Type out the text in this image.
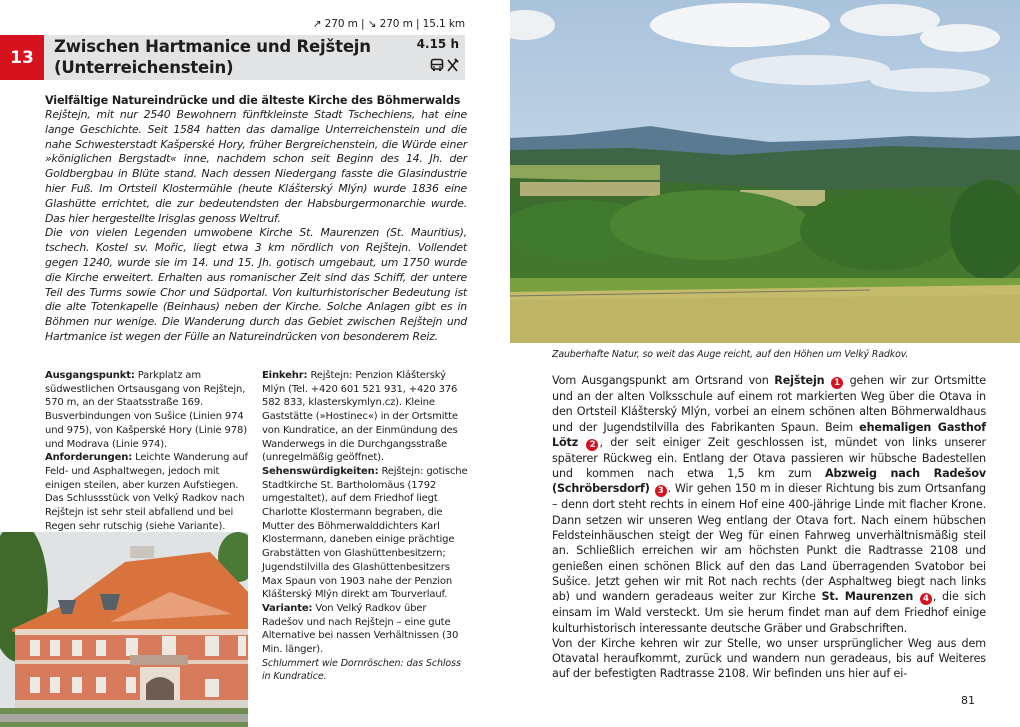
↗ 270 m | ↘ 270 m | 15.1 km
13
Zwischen Hartmanice und Rejštejn
(Unterreichenstein)
4.15 h
Vielfältige Natureindrücke und die älteste Kirche des Böhmerwalds

Rejštejn, mit nur 2540 Bewohnern fünftkleinste Stadt Tschechiens, hat eine lange Geschichte. Seit 1584 hatten das damalige Unterreichenstein und die nahe Schwesterstadt Kašperské Hory, früher Bergreichenstein, die Würde einer »königlichen Bergstadt« inne, nachdem schon seit Beginn des 14. Jh. der Goldbergbau in Blüte stand. Nach dessen Niedergang fasste die Glasindustrie hier Fuß. Im Ortsteil Klostermühle (heute Klášterský Mlýn) wurde 1836 eine Glashütte errichtet, die zur bedeutendsten der Habsburgermonarchie wurde. Das hier hergestellte Irisglas genoss Weltruf.

Die von vielen Legenden umwobene Kirche St. Maurenzen (St. Mauritius), tschech. Kostel sv. Mořic, liegt etwa 3 km nördlich von Rejštejn. Vollendet gegen 1240, wurde sie im 14. und 15. Jh. gotisch umgebaut, um 1750 wurde die Kirche erweitert. Erhalten aus romanischer Zeit sind das Schiff, der untere Teil des Turms sowie Chor und Südportal. Von kulturhistorischer Bedeutung ist die alte Totenkapelle (Beinhaus) neben der Kirche. Solche Anlagen gibt es in Böhmen nur wenige. Die Wanderung durch das Gebiet zwischen Rejštejn und Hartmanice ist wegen der Fülle an Natureindrücken von besonderem Reiz.

Ausgangspunkt: Parkplatz am südwestlichen Ortsausgang von Rejštejn, 570 m, an der Staatsstraße 169. Busverbindungen von Sušice (Linien 974 und 975), von Kašperské Hory (Linie 978) und Modrava (Linie 974).
Anforderungen: Leichte Wanderung auf Feld- und Asphaltwegen, jedoch mit einigen steilen, aber kurzen Aufstiegen. Das Schlussstück von Velký Radkov nach Rejštejn ist sehr steil abfallend und bei Regen sehr rutschig (siehe Variante).
Einkehr: Rejštejn: Penzion Klášterský Mlýn (Tel. +420 601 521 931, +420 376 582 833, klasterskymlyn.cz). Kleine Gaststätte (»Hostinec«) in der Ortsmitte von Kundratice, an der Einmündung des Wanderwegs in die Durchgangsstraße (unregelmäßig geöffnet).
Sehenswürdigkeiten: Rejštejn: gotische Stadtkirche St. Bartholomäus (1792 umgestaltet), auf dem Friedhof liegt Charlotte Klostermann begraben, die Mutter des Böhmerwalddichters Karl Klostermann, daneben einige prächtige Grabstätten von Glashüttenbesitzern; Jugendstilvilla des Glashüttenbesitzers Max Spaun von 1903 nahe der Penzion Klášterský Mlýn direkt am Tourverlauf.
Variante: Von Velký Radkov über Radešov und nach Rejštejn – eine gute Alternative bei nassen Verhältnissen (30 Min. länger).
Schlummert wie Dornröschen: das Schloss in Kundratice.
Zauberhafte Natur, so weit das Auge reicht, auf den Höhen um Velký Radkov.

Vom Ausgangspunkt am Ortsrand von Rejštejn 1 gehen wir zur Ortsmitte und an der alten Volksschule auf einem rot markierten Weg über die Otava in den Ortsteil Klášterský Mlýn, vorbei an einem schönen alten Böhmerwaldhaus und der Jugendstilvilla des Fabrikanten Spaun. Beim ehemaligen Gasthof Lötz 2 , der seit einiger Zeit geschlossen ist, mündet von links unserer späterer Rückweg ein. Entlang der Otava passieren wir hübsche Badestellen und kommen nach etwa 1,5 km zum Abzweig nach Radešov (Schröbersdorf) 3 . Wir gehen 150 m in dieser Richtung bis zum Ortsanfang – denn dort steht rechts in einem Hof eine 400-jährige Linde mit flacher Krone. Dann setzen wir unseren Weg entlang der Otava fort. Nach einem hübschen Feldsteinhäuschen steigt der Weg für einen Fahrweg unverhältnismäßig steil an. Schließlich erreichen wir am höchsten Punkt die Radtrasse 2108 und genießen einen schönen Blick auf den das Land überragenden Svatobor bei Sušice. Jetzt gehen wir mit Rot nach rechts (der Asphaltweg biegt nach links ab) und wandern geradeaus weiter zur Kirche St. Maurenzen 4 , die sich einsam im Wald versteckt. Um sie herum findet man auf dem Friedhof einige kulturhistorisch interessante deutsche Gräber und Grabschriften.

Von der Kirche kehren wir zur Stelle, wo unser ursprünglicher Weg aus dem Otavatal heraufkommt, zurück und wandern nun geradeaus, bis auf Weiteres auf der befestigten Radtrasse 2108. Wir befinden uns hier auf ei-

81
